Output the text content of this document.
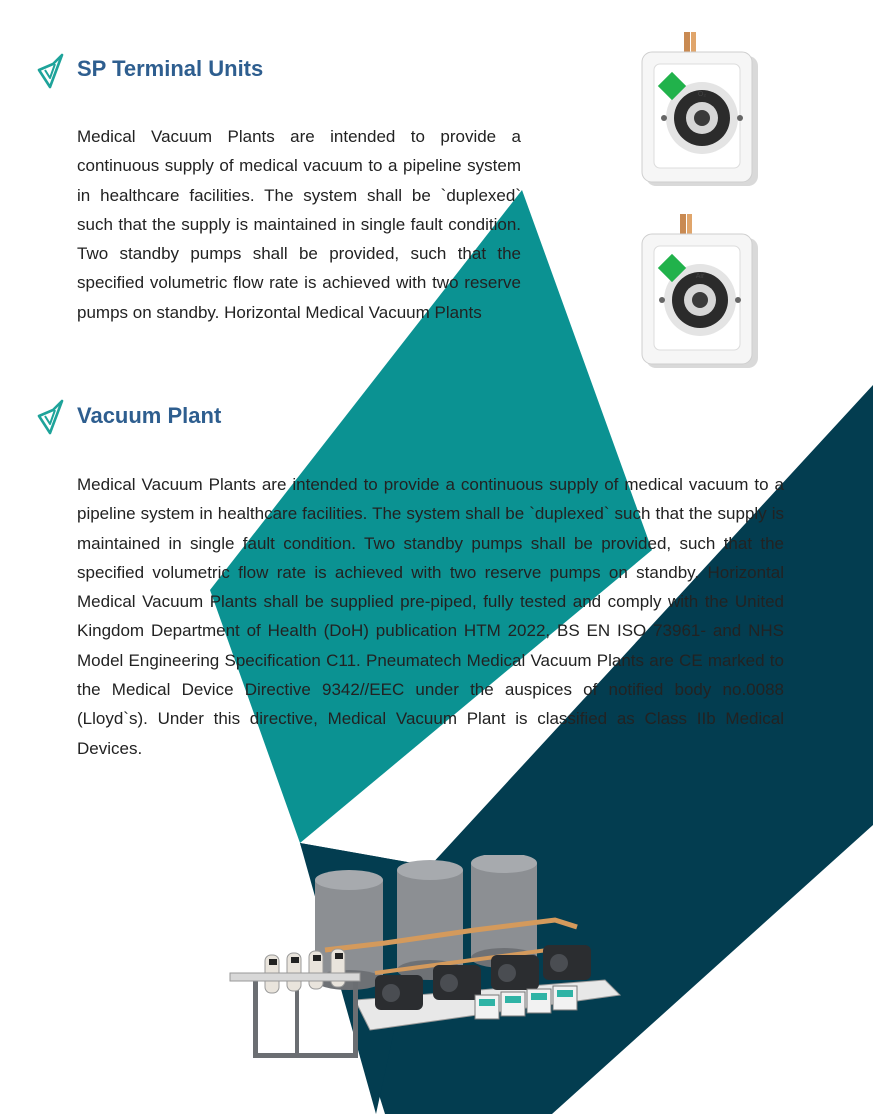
SP Terminal Units

Medical Vacuum Plants are intended to provide a continuous supply of medical vacuum to a pipeline system in healthcare facilities. The system shall be `duplexed` such that the supply is maintained in single fault condition. Two standby pumps shall be provided, such that the specified volumetric flow rate is achieved with two reserve pumps on standby. Horizontal Medical Vacuum Plants

Vacuum Plant

Medical Vacuum Plants are intended to provide a continuous supply of medical vacuum to a pipeline system in healthcare facilities. The system shall be `duplexed` such that the supply is maintained in single fault condition. Two standby pumps shall be provided, such that the specified volumetric flow rate is achieved with two reserve pumps on standby. Horizontal Medical Vacuum Plants shall be supplied pre-piped, fully tested and comply with the United Kingdom Department of Health (DoH) publication HTM 2022, BS EN ISO 73961- and NHS Model Engineering Specification C11. Pneumatech Medical Vacuum Plants are CE marked to the Medical Device Directive 9342//EEC under the auspices of notified body no.0088 (Lloyd`s). Under this directive, Medical Vacuum Plant is classified as Class IIb Medical Devices.

O₂
Air
